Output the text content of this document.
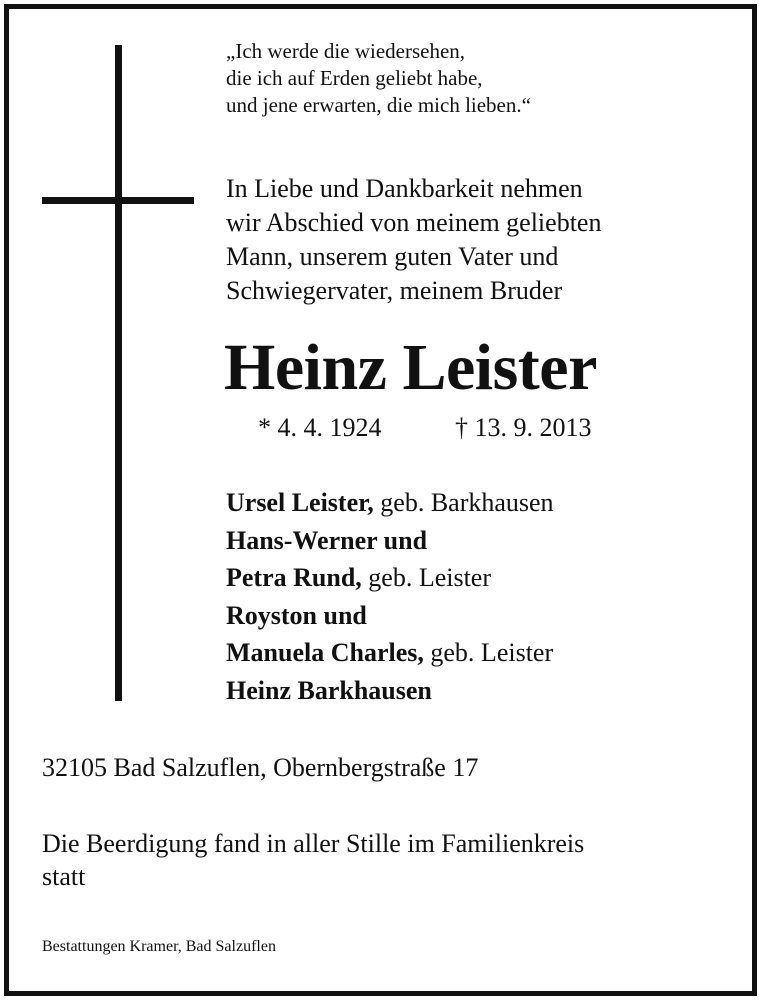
„Ich werde die wiedersehen,
die ich auf Erden geliebt habe,
und jene erwarten, die mich lieben.“
In Liebe und Dankbarkeit nehmen
wir Abschied von meinem geliebten
Mann, unserem guten Vater und
Schwiegervater, meinem Bruder
Heinz Leister
* 4. 4. 1924	† 13. 9. 2013
Ursel Leister, geb. Barkhausen
Hans-Werner und
Petra Rund, geb. Leister
Royston und
Manuela Charles, geb. Leister
Heinz Barkhausen
32105 Bad Salzuflen, Obernbergstraße 17
Die Beerdigung fand in aller Stille im Familienkreis
statt
Bestattungen Kramer, Bad Salzuflen
